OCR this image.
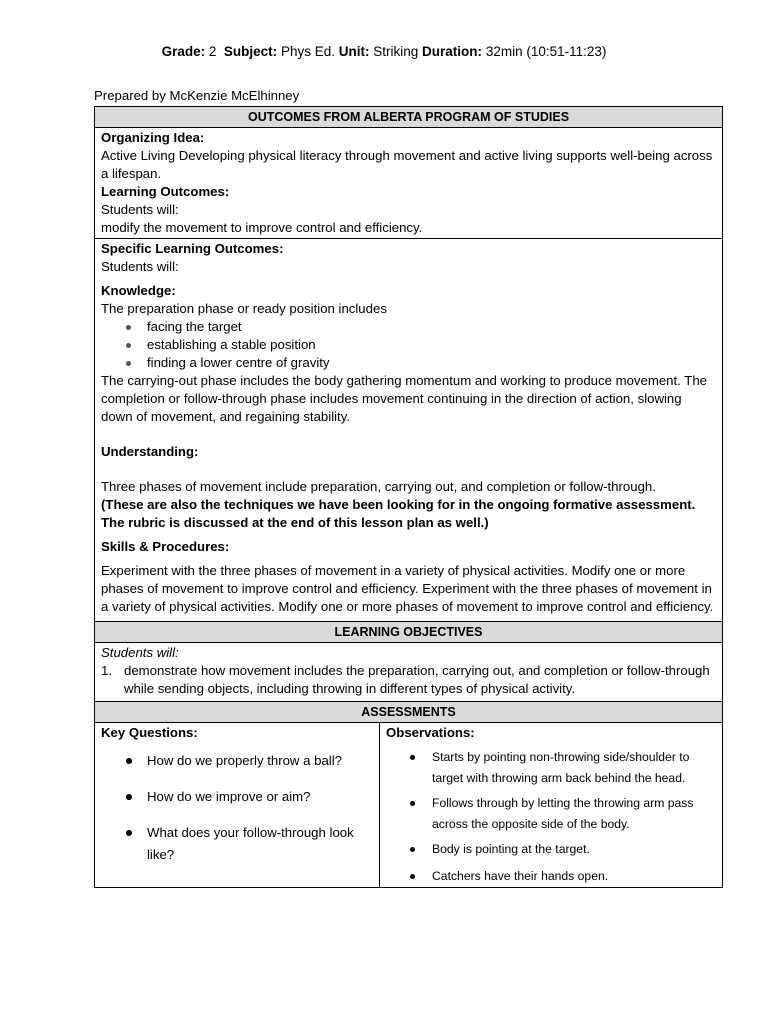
Grade: 2 Subject: Phys Ed. Unit: Striking Duration: 32min (10:51-11:23)
Prepared by McKenzie McElhinney
OUTCOMES FROM ALBERTA PROGRAM OF STUDIES

Organizing Idea:
Active Living Developing physical literacy through movement and active living supports well-being across a lifespan.
Learning Outcomes:
Students will:
modify the movement to improve control and efficiency.

Specific Learning Outcomes:
Students will:
Knowledge:
The preparation phase or ready position includes
facing the target
establishing a stable position
finding a lower centre of gravity
The carrying-out phase includes the body gathering momentum and working to produce movement. The completion or follow-through phase includes movement continuing in the direction of action, slowing down of movement, and regaining stability.
Understanding:
Three phases of movement include preparation, carrying out, and completion or follow-through.
(These are also the techniques we have been looking for in the ongoing formative assessment. The rubric is discussed at the end of this lesson plan as well.)
Skills & Procedures:
Experiment with the three phases of movement in a variety of physical activities. Modify one or more phases of movement to improve control and efficiency. Experiment with the three phases of movement in a variety of physical activities. Modify one or more phases of movement to improve control and efficiency.

LEARNING OBJECTIVES

Students will:
1. demonstrate how movement includes the preparation, carrying out, and completion or follow-through while sending objects, including throwing in different types of physical activity.

ASSESSMENTS

Key Questions:
How do we properly throw a ball?
How do we improve or aim?
What does your follow-through look like?

Observations:
Starts by pointing non-throwing side/shoulder to target with throwing arm back behind the head.
Follows through by letting the throwing arm pass across the opposite side of the body.
Body is pointing at the target.
Catchers have their hands open.
